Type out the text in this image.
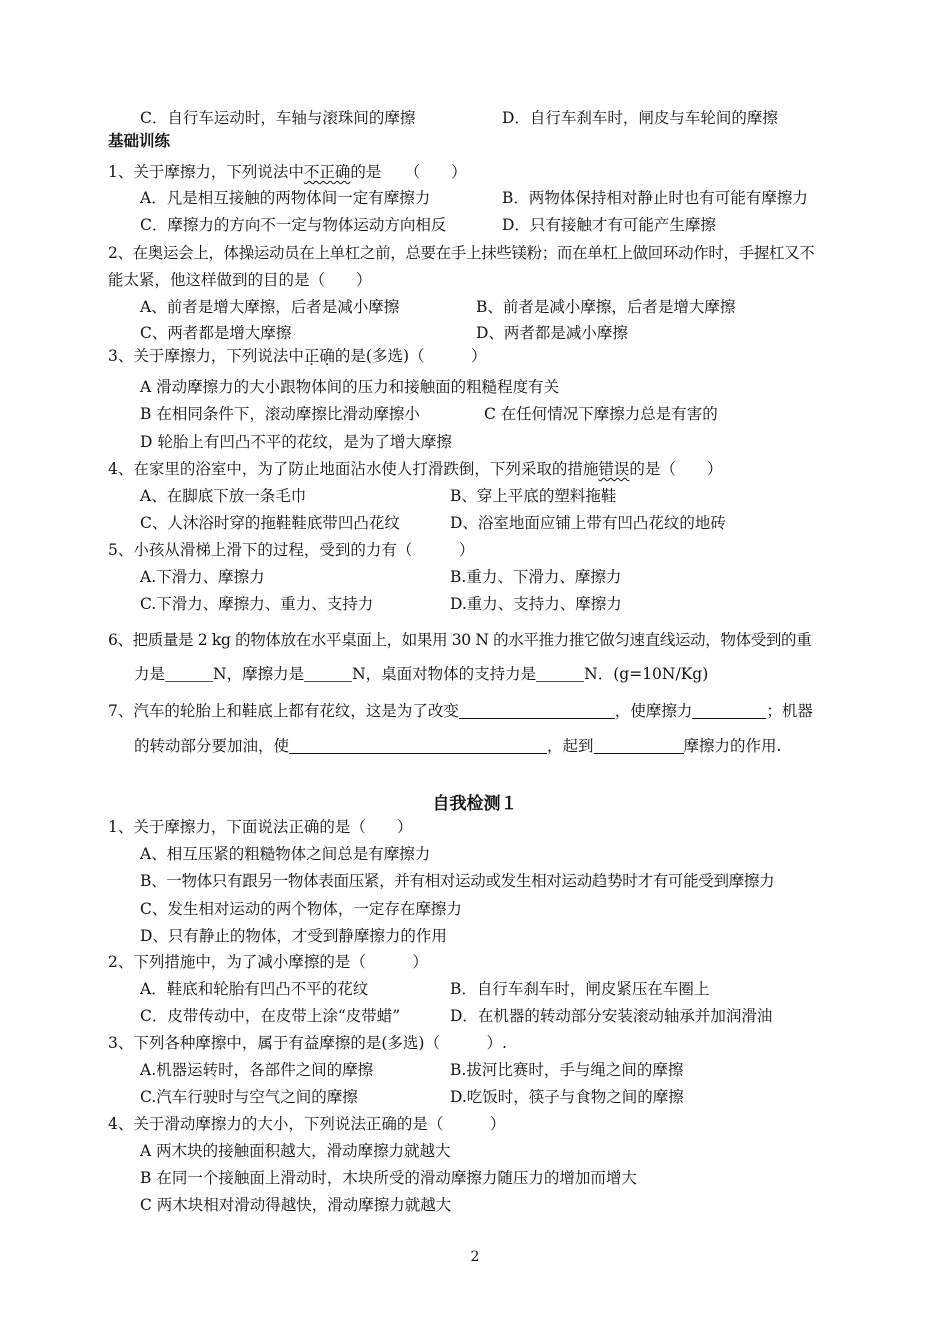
C．自行车运动时，车轴与滚珠间的摩擦	D．自行车刹车时，闸皮与车轮间的摩擦
基础训练
1、关于摩擦力，下列说法中不正确的是　　（　　）
A．凡是相互接触的两物体间一定有摩擦力	B．两物体保持相对静止时也有可能有摩擦力
C．摩擦力的方向不一定与物体运动方向相反	D．只有接触才有可能产生摩擦
2、在奥运会上，体操运动员在上单杠之前，总要在手上抹些镁粉；而在单杠上做回环动作时，手握杠又不
能太紧，他这样做到的目的是（　　）
A、前者是增大摩擦，后者是减小摩擦	B、前者是减小摩擦，后者是增大摩擦
C、两者都是增大摩擦	D、两者都是减小摩擦
3、关于摩擦力，下列说法中正确的是(多选)（　　　）
A 滑动摩擦力的大小跟物体间的压力和接触面的粗糙程度有关
B 在相同条件下，滚动摩擦比滑动摩擦小	C 在任何情况下摩擦力总是有害的
D 轮胎上有凹凸不平的花纹，是为了增大摩擦
4、在家里的浴室中，为了防止地面沾水使人打滑跌倒，下列采取的措施错误的是（　　）
A、在脚底下放一条毛巾	B、穿上平底的塑料拖鞋
C、人沐浴时穿的拖鞋鞋底带凹凸花纹	D、浴室地面应铺上带有凹凸花纹的地砖
5、小孩从滑梯上滑下的过程，受到的力有（　　　）
A.下滑力、摩擦力	B.重力、下滑力、摩擦力
C.下滑力、摩擦力、重力、支持力	D.重力、支持力、摩擦力
6、把质量是 2 kg 的物体放在水平桌面上，如果用 30 N 的水平推力推它做匀速直线运动，物体受到的重
力是	N，摩擦力是	N，桌面对物体的支持力是	N．(g=10N/Kg)
7、汽车的轮胎上和鞋底上都有花纹，这是为了改变	，使摩擦力	；机器
的转动部分要加油，使	，起到	摩擦力的作用.
自我检测１
1、关于摩擦力，下面说法正确的是（　　）
A、相互压紧的粗糙物体之间总是有摩擦力
B、一物体只有跟另一物体表面压紧，并有相对运动或发生相对运动趋势时才有可能受到摩擦力
C、发生相对运动的两个物体，一定存在摩擦力
D、只有静止的物体，才受到静摩擦力的作用
2、下列措施中，为了减小摩擦的是（　　　）
A．鞋底和轮胎有凹凸不平的花纹	B．自行车刹车时，闸皮紧压在车圈上
C．皮带传动中，在皮带上涂“皮带蜡”	D．在机器的转动部分安装滚动轴承并加润滑油
3、下列各种摩擦中，属于有益摩擦的是(多选)（　　　）.
A.机器运转时，各部件之间的摩擦	B.拔河比赛时，手与绳之间的摩擦
C.汽车行驶时与空气之间的摩擦	D.吃饭时，筷子与食物之间的摩擦
4、关于滑动摩擦力的大小，下列说法正确的是（　　　）
A 两木块的接触面积越大，滑动摩擦力就越大
B 在同一个接触面上滑动时，木块所受的滑动摩擦力随压力的增加而增大
C 两木块相对滑动得越快，滑动摩擦力就越大
2
